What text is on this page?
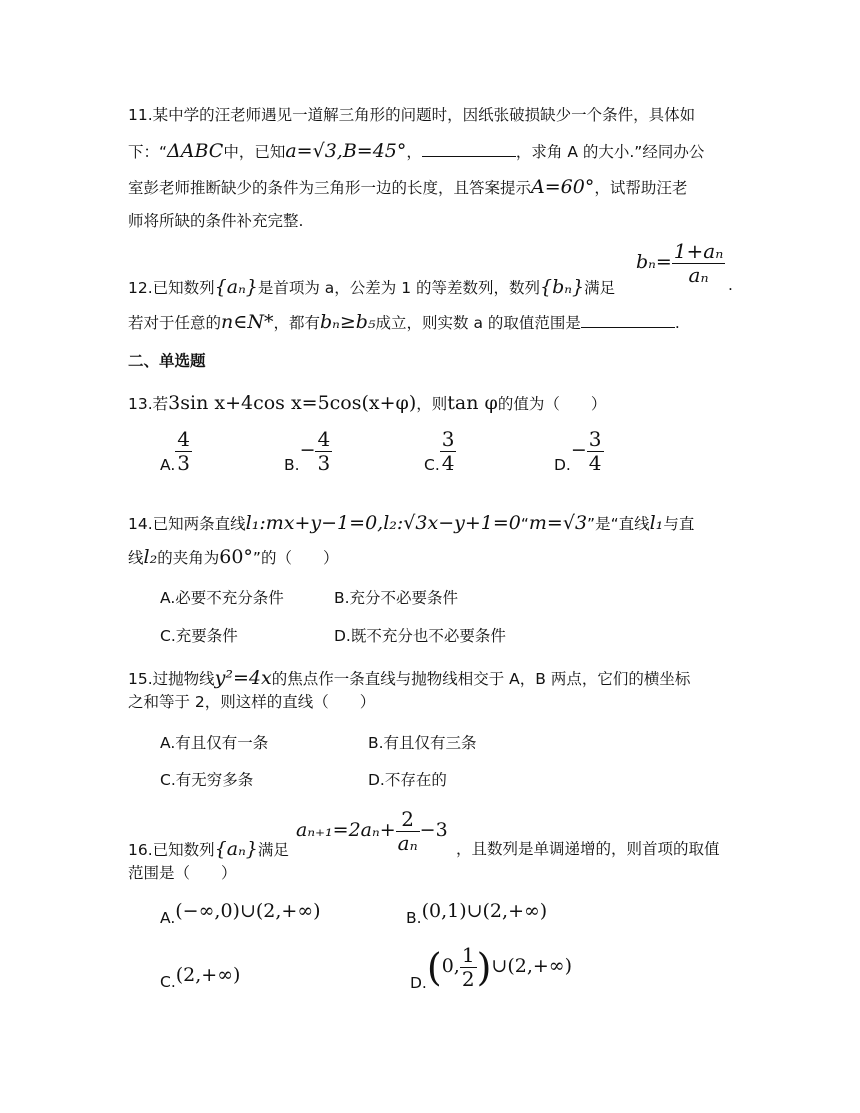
11.某中学的汪老师遇见一道解三角形的问题时，因纸张破损缺少一个条件，具体如
下：“ΔABC中，已知a=√3,B=45°，	，求角 A 的大小.”经同办公
室彭老师推断缺少的条件为三角形一边的长度，且答案提示A=60°，试帮助汪老
师将所缺的条件补充完整.
12.已知数列{aₙ}是首项为 a，公差为 1 的等差数列，数列{bₙ}满足
$b_n= \frac{\text{1+aₙ}}{\text{aₙ}}$ .
若对于任意的n∈N*，都有bₙ≥b₅成立，则实数 a 的取值范围是	.
二、单选题
13.若3sin x+4cos x=5cos(x+φ)，则tan φ的值为（　　）
A. $\frac{4}{3}$	$B.- \frac{4}{3}$	C. $\frac{3}{4}$	$D.- \frac{3}{4}$
14.已知两条直线l₁:mx+y−1=0,l₂:√3x−y+1=0“m=√3”是“直线l₁与直
线l₂的夹角为60°”的（　　）
A.必要不充分条件	B.充分不必要条件
C.充要条件	D.既不充分也不必要条件
15.过抛物线y²=4x的焦点作一条直线与抛物线相交于 A，B 两点，它们的横坐标
之和等于 2，则这样的直线（　　）
A.有且仅有一条	B.有且仅有三条
C.有无穷多条	D.不存在的
16.已知数列{aₙ}满足
$a_{n+1}=2a_n+ \frac{2}{\text{aₙ}} -3$
，且数列是单调递增的，则首项的取值
范围是（　　）
A.(−∞,0)∪(2,+∞)	B.(0,1)∪(2,+∞)
C.(2,+∞)	D.(0, $\frac{1}{2}$ )∪(2,+∞)
